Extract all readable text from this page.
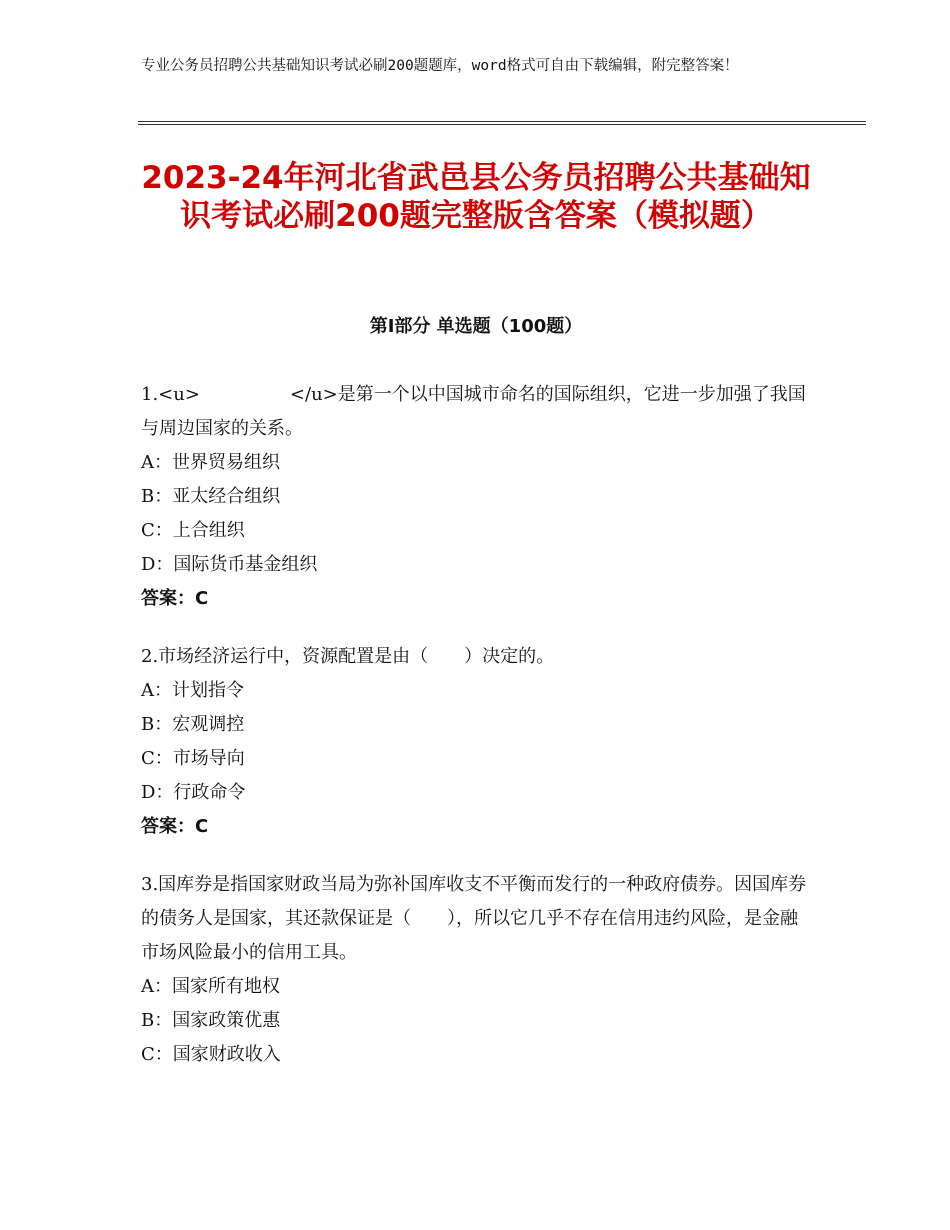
专业公务员招聘公共基础知识考试必刷200题题库，word格式可自由下载编辑，附完整答案！
2023-24年河北省武邑县公务员招聘公共基础知识考试必刷200题完整版含答案（模拟题）
第Ⅰ部分 单选题（100题）

1.<u>　　　　　</u>是第一个以中国城市命名的国际组织，它进一步加强了我国与周边国家的关系。

A：世界贸易组织

B：亚太经合组织

C：上合组织

D：国际货币基金组织

答案：C

2.市场经济运行中，资源配置是由（　　）决定的。

A：计划指令

B：宏观调控

C：市场导向

D：行政命令

答案：C

3.国库券是指国家财政当局为弥补国库收支不平衡而发行的一种政府债券。因国库券的债务人是国家，其还款保证是（　　），所以它几乎不存在信用违约风险，是金融市场风险最小的信用工具。

A：国家所有地权

B：国家政策优惠

C：国家财政收入
